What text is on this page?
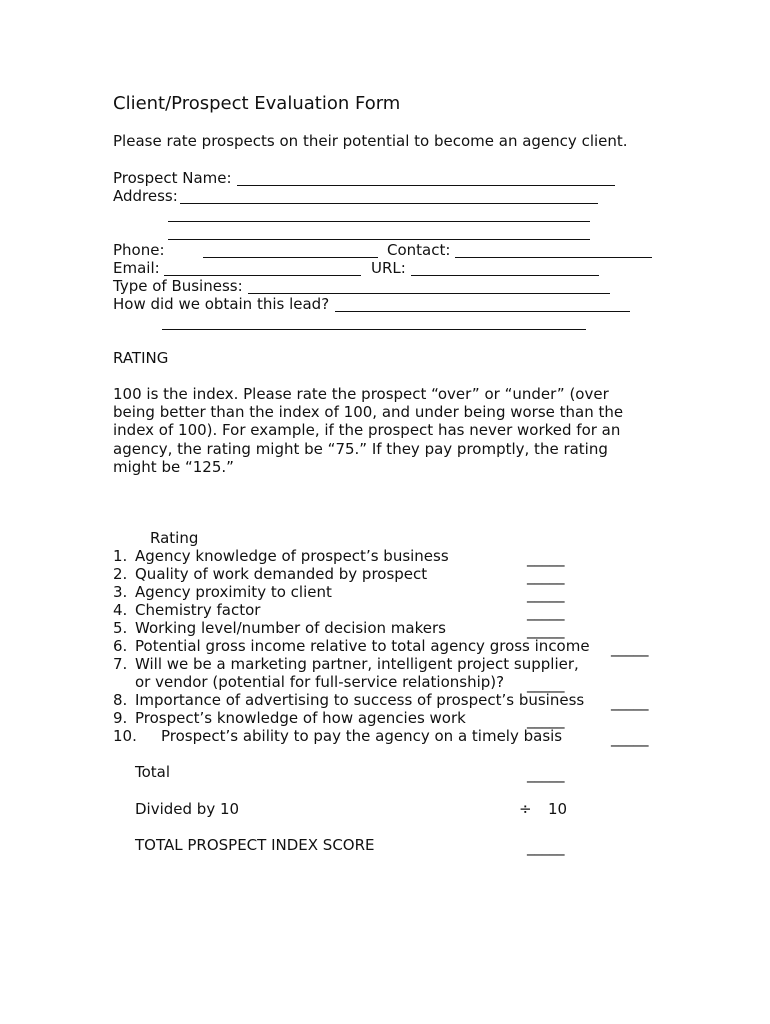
Client/Prospect Evaluation Form
Please rate prospects on their potential to become an agency client.
Prospect Name:
Address:
Phone:	Contact:
Email:	URL:
Type of Business:
How did we obtain this lead?
RATING
100 is the index. Please rate the prospect “over” or “under” (over being better than the index of 100, and under being worse than the index of 100). For example, if the prospect has never worked for an agency, the rating might be “75.” If they pay promptly, the rating might be “125.”
Rating
1. Agency knowledge of prospect’s business	_____
2. Quality of work demanded by prospect	_____
3. Agency proximity to client	_____
4. Chemistry factor	_____
5. Working level/number of decision makers	_____
6. Potential gross income relative to total agency gross income _____
7. Will we be a marketing partner, intelligent project supplier,
or vendor (potential for full-service relationship)? _____
8. Importance of advertising to success of prospect’s business _____
9. Prospect’s knowledge of how agencies work	_____
10. Prospect’s ability to pay the agency on a timely basis	_____
Total	_____
Divided by 10	÷ 10
TOTAL PROSPECT INDEX SCORE	_____
